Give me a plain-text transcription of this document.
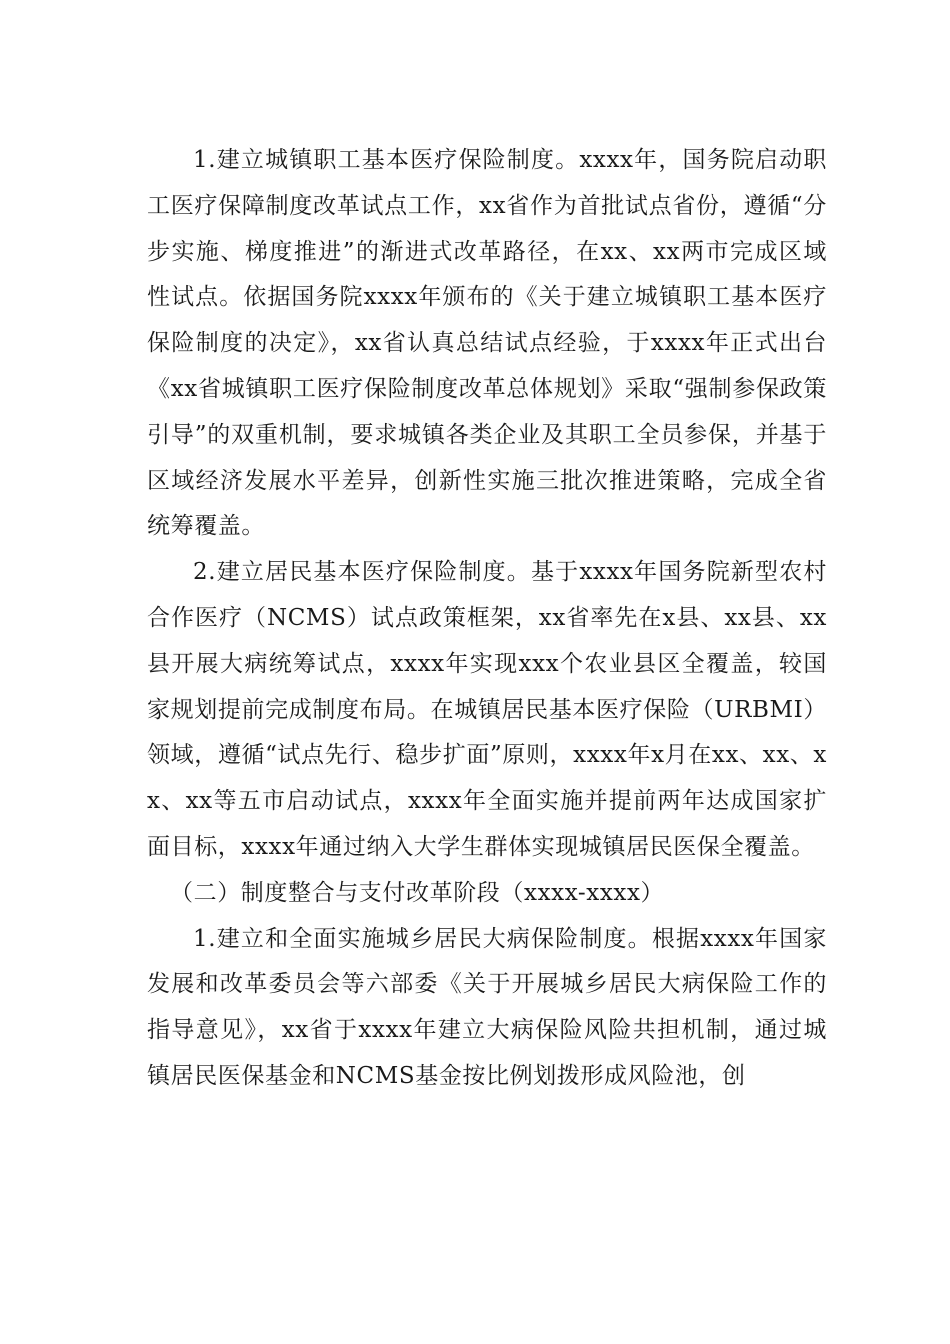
1.建立城镇职工基本医疗保险制度。xxxx年，国务院启动职工医疗保障制度改革试点工作，xx省作为首批试点省份，遵循“分步实施、梯度推进”的渐进式改革路径，在xx、xx两市完成区域性试点。依据国务院xxxx年颁布的《关于建立城镇职工基本医疗保险制度的决定》，xx省认真总结试点经验，于xxxx年正式出台《xx省城镇职工医疗保险制度改革总体规划》采取“强制参保政策引导”的双重机制，要求城镇各类企业及其职工全员参保，并基于区域经济发展水平差异，创新性实施三批次推进策略，完成全省统筹覆盖。

2.建立居民基本医疗保险制度。基于xxxx年国务院新型农村合作医疗（NCMS）试点政策框架，xx省率先在x县、xx县、xx县开展大病统筹试点，xxxx年实现xxx个农业县区全覆盖，较国家规划提前完成制度布局。在城镇居民基本医疗保险（URBMI）领域，遵循“试点先行、稳步扩面”原则，xxxx年x月在xx、xx、xx、xx等五市启动试点，xxxx年全面实施并提前两年达成国家扩面目标，xxxx年通过纳入大学生群体实现城镇居民医保全覆盖。

（二）制度整合与支付改革阶段（xxxx-xxxx）

1.建立和全面实施城乡居民大病保险制度。根据xxxx年国家发展和改革委员会等六部委《关于开展城乡居民大病保险工作的指导意见》，xx省于xxxx年建立大病保险风险共担机制，通过城镇居民医保基金和NCMS基金按比例划拨形成风险池，创
